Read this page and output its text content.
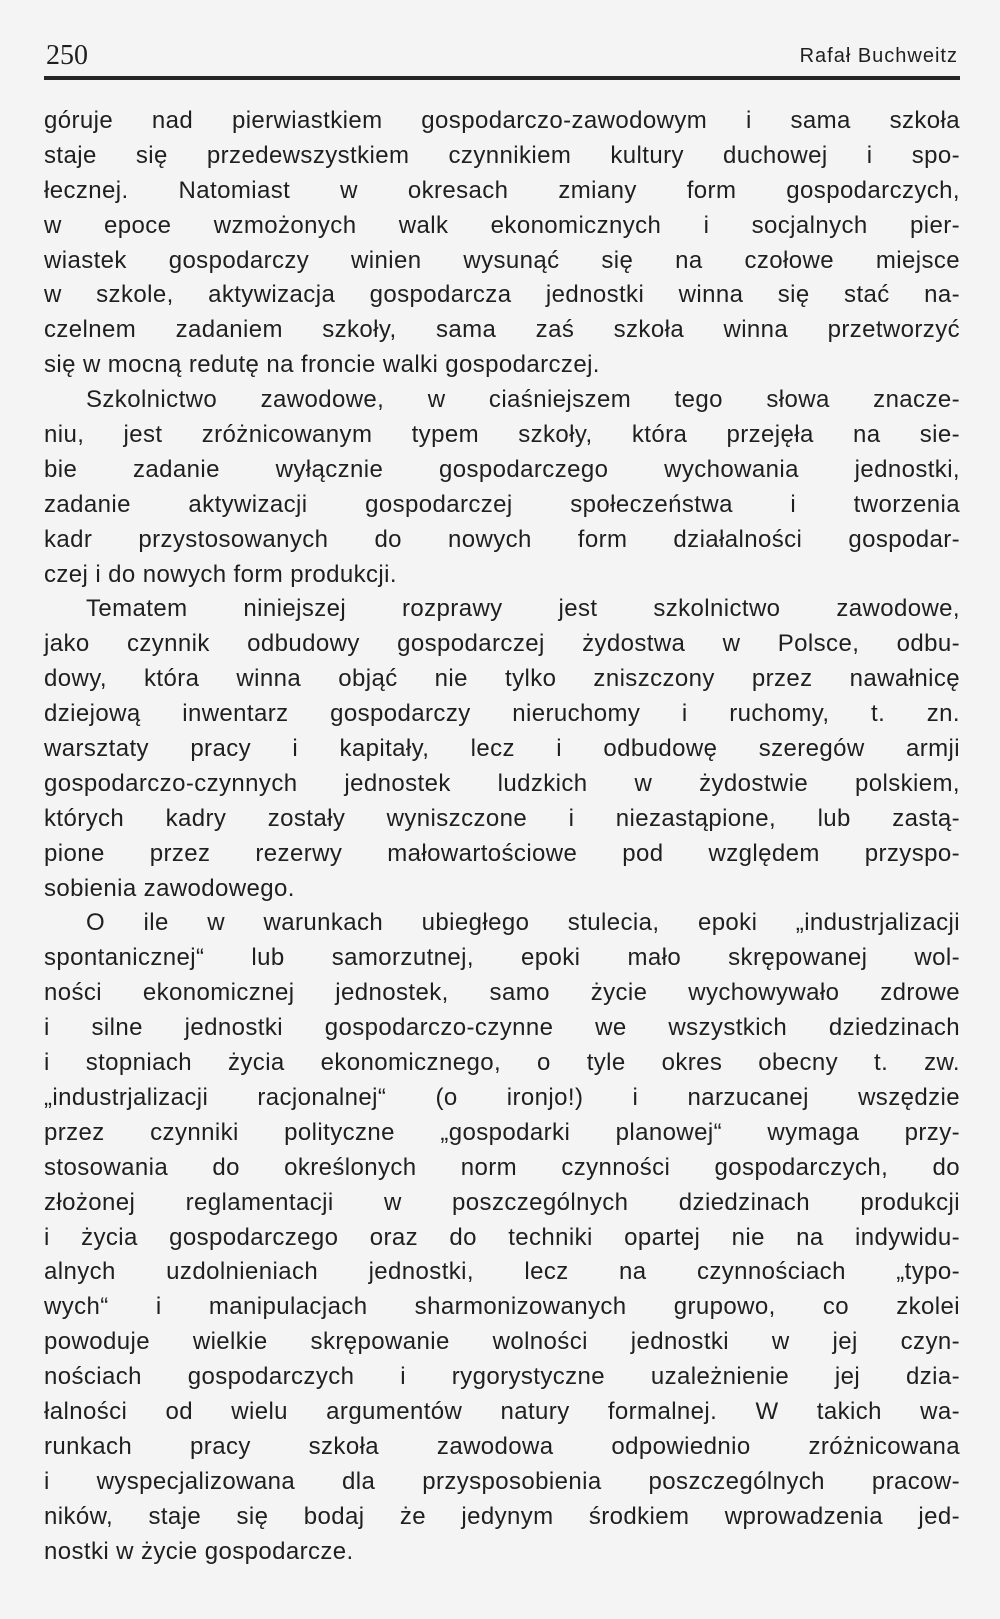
250	Rafał Buchweitz
góruje nad pierwiastkiem gospodarczo-zawodowym i sama szkoła
staje się przedewszystkiem czynnikiem kultury duchowej i spo-
łecznej. Natomiast w okresach zmiany form gospodarczych,
w epoce wzmożonych walk ekonomicznych i socjalnych pier-
wiastek gospodarczy winien wysunąć się na czołowe miejsce
w szkole, aktywizacja gospodarcza jednostki winna się stać na-
czelnem zadaniem szkoły, sama zaś szkoła winna przetworzyć
się w mocną redutę na froncie walki gospodarczej.
Szkolnictwo zawodowe, w ciaśniejszem tego słowa znacze-
niu, jest zróżnicowanym typem szkoły, która przejęła na sie-
bie zadanie wyłącznie gospodarczego wychowania jednostki,
zadanie aktywizacji gospodarczej społeczeństwa i tworzenia
kadr przystosowanych do nowych form działalności gospodar-
czej i do nowych form produkcji.
Tematem niniejszej rozprawy jest szkolnictwo zawodowe,
jako czynnik odbudowy gospodarczej żydostwa w Polsce, odbu-
dowy, która winna objąć nie tylko zniszczony przez nawałnicę
dziejową inwentarz gospodarczy nieruchomy i ruchomy, t. zn.
warsztaty pracy i kapitały, lecz i odbudowę szeregów armji
gospodarczo-czynnych jednostek ludzkich w żydostwie polskiem,
których kadry zostały wyniszczone i niezastąpione, lub zastą-
pione przez rezerwy małowartościowe pod względem przyspo-
sobienia zawodowego.
O ile w warunkach ubiegłego stulecia, epoki „industrjalizacji
spontanicznej“ lub samorzutnej, epoki mało skrępowanej wol-
ności ekonomicznej jednostek, samo życie wychowywało zdrowe
i silne jednostki gospodarczo-czynne we wszystkich dziedzinach
i stopniach życia ekonomicznego, o tyle okres obecny t. zw.
„industrjalizacji racjonalnej“ (o ironjo!) i narzucanej wszędzie
przez czynniki polityczne „gospodarki planowej“ wymaga przy-
stosowania do określonych norm czynności gospodarczych, do
złożonej reglamentacji w poszczególnych dziedzinach produkcji
i życia gospodarczego oraz do techniki opartej nie na indywidu-
alnych uzdolnieniach jednostki, lecz na czynnościach „typo-
wych“ i manipulacjach sharmonizowanych grupowo, co zkolei
powoduje wielkie skrępowanie wolności jednostki w jej czyn-
nościach gospodarczych i rygorystyczne uzależnienie jej dzia-
łalności od wielu argumentów natury formalnej. W takich wa-
runkach pracy szkoła zawodowa odpowiednio zróżnicowana
i wyspecjalizowana dla przysposobienia poszczególnych pracow-
ników, staje się bodaj że jedynym środkiem wprowadzenia jed-
nostki w życie gospodarcze.
